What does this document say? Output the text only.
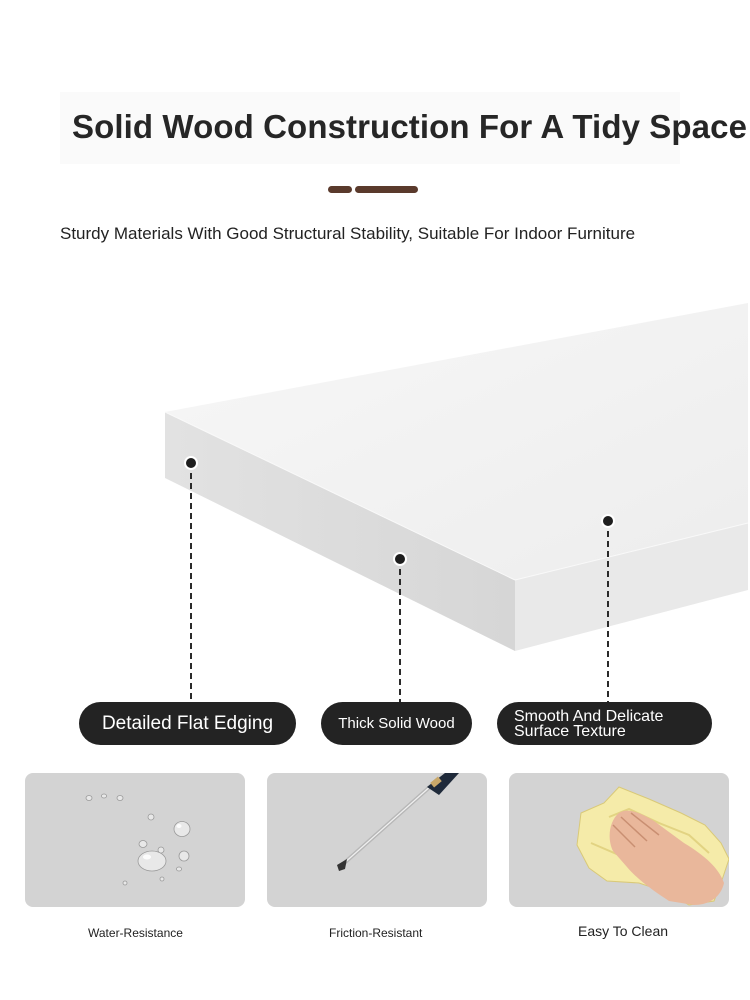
Solid Wood Construction For A Tidy Space
Sturdy Materials With Good Structural Stability, Suitable For Indoor Furniture
Detailed Flat Edging	Thick Solid Wood	Smooth And Delicate
Surface Texture
Water-Resistance	Friction-Resistant	Easy To Clean
